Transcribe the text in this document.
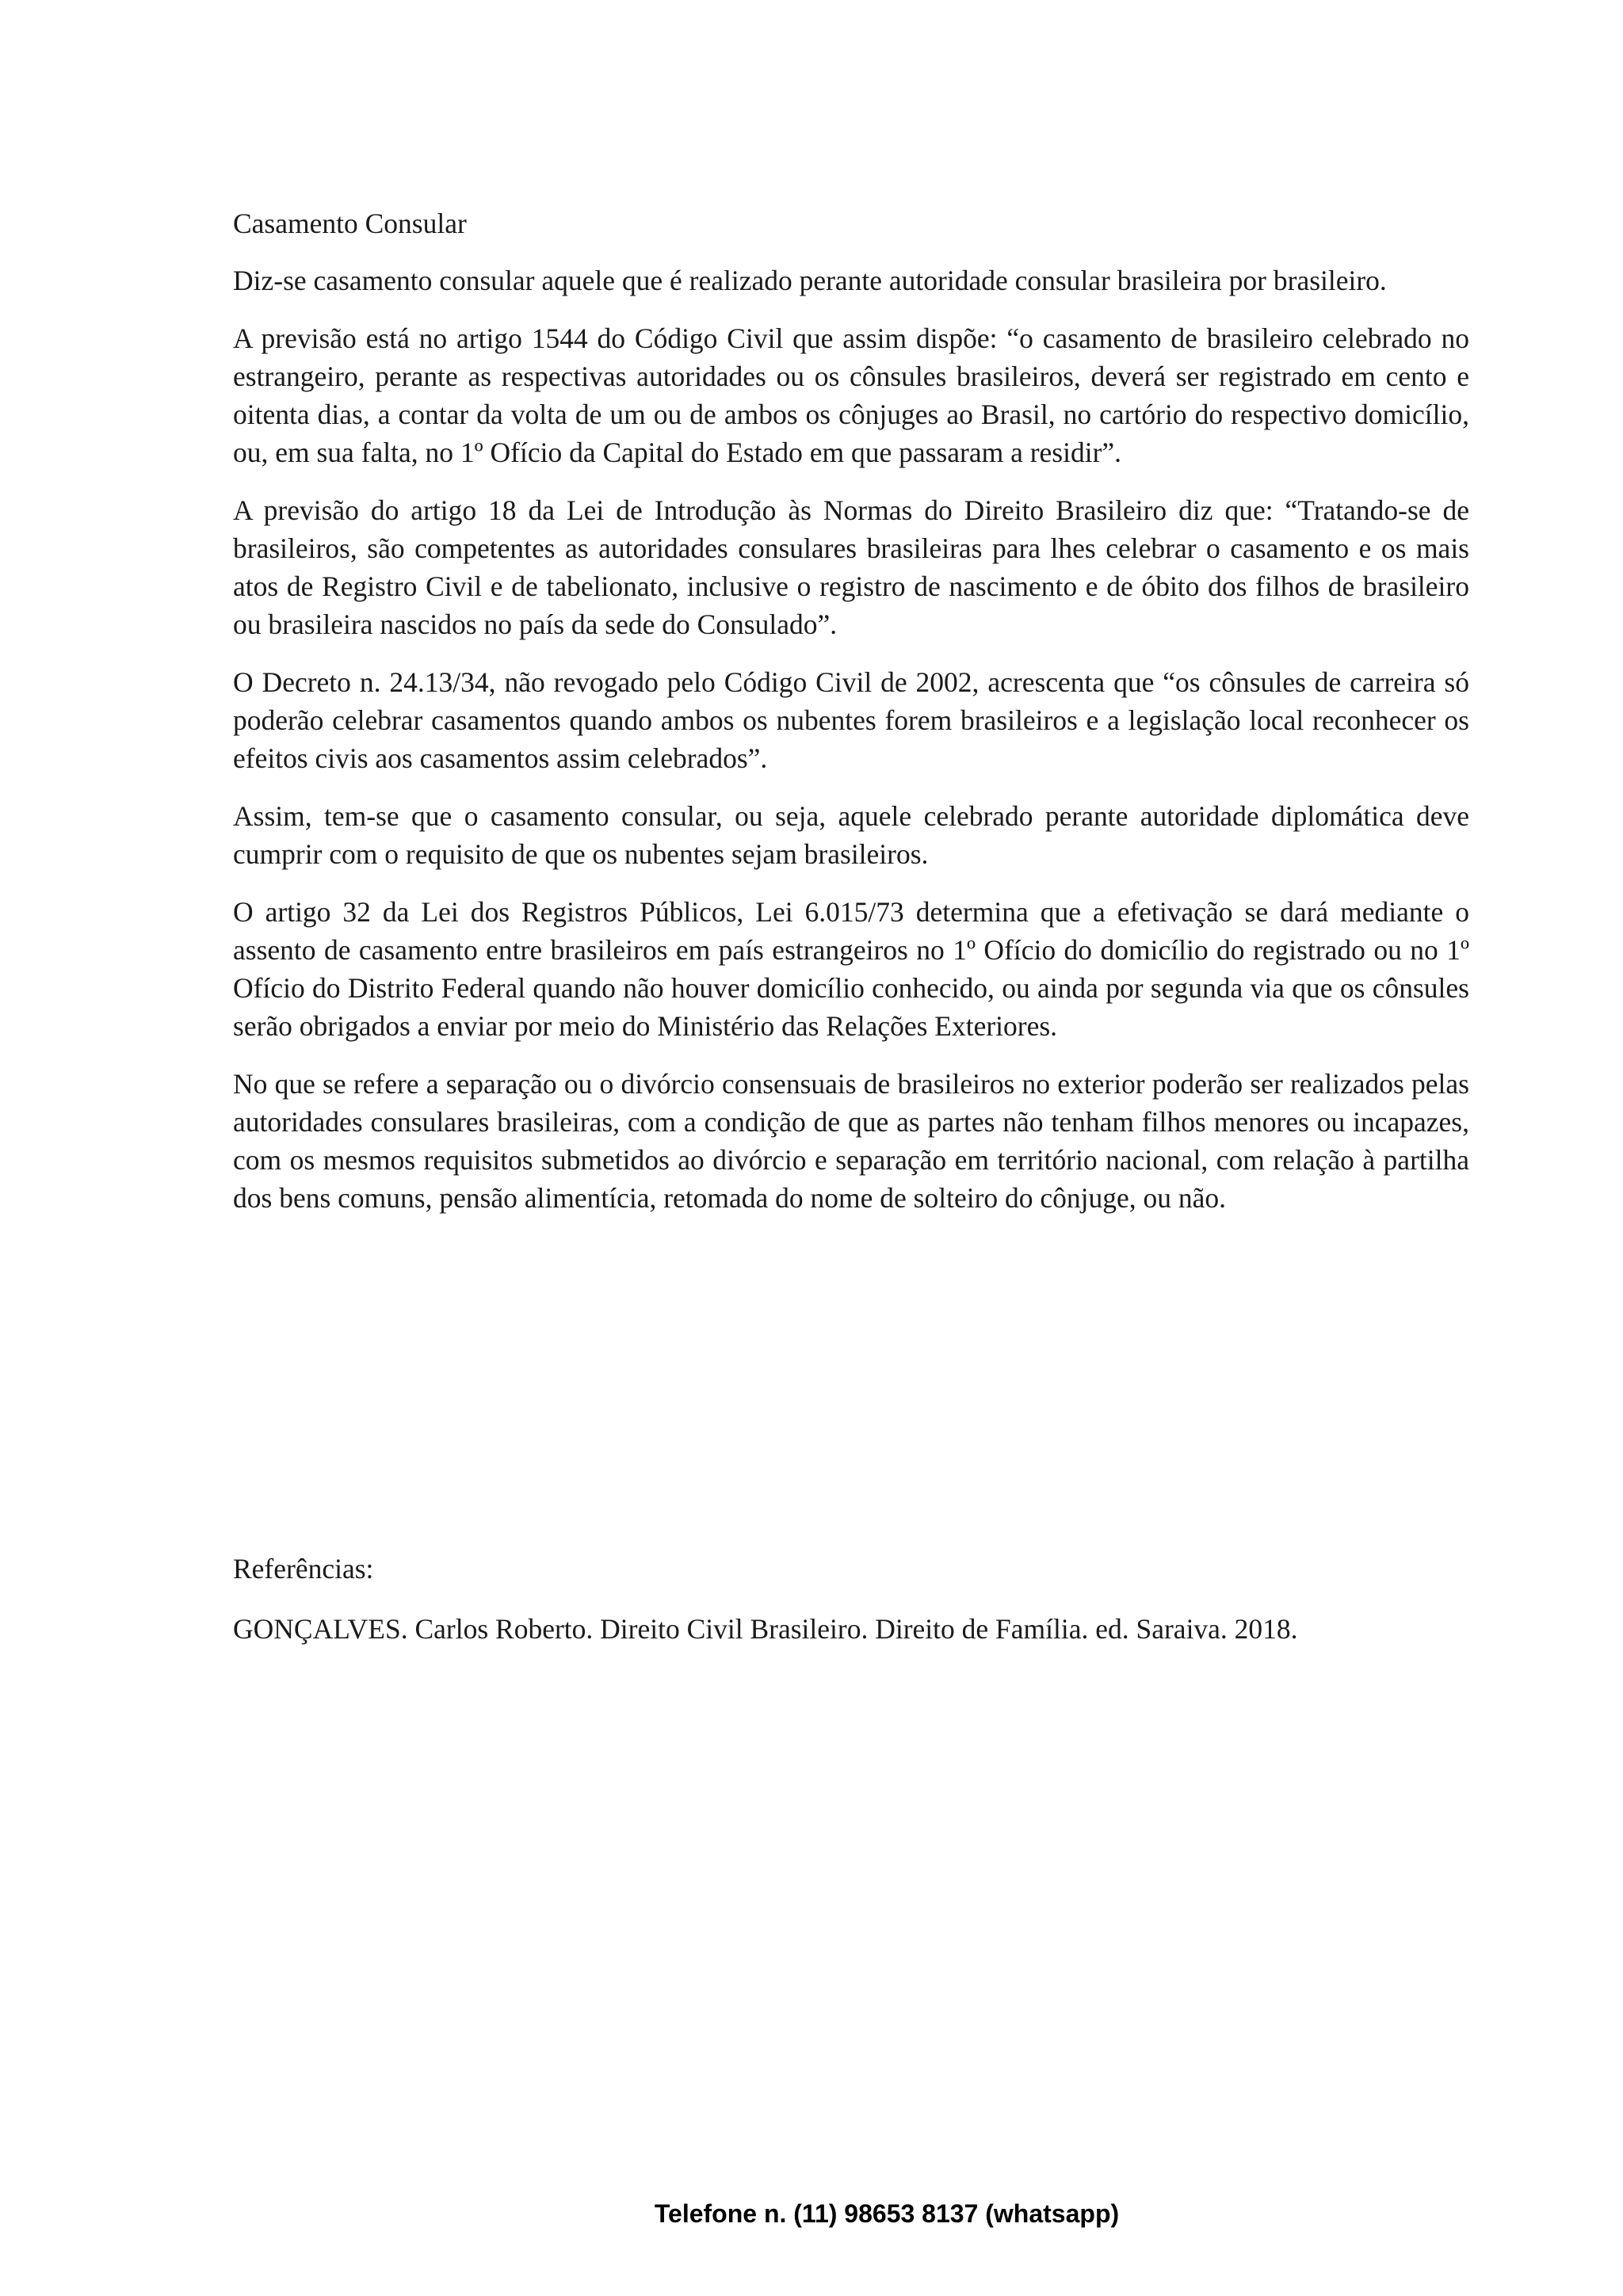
Casamento Consular

Diz-se casamento consular aquele que é realizado perante autoridade consular brasileira por brasileiro.

A previsão está no artigo 1544 do Código Civil que assim dispõe: “o casamento de brasileiro celebrado no estrangeiro, perante as respectivas autoridades ou os cônsules brasileiros, deverá ser registrado em cento e oitenta dias, a contar da volta de um ou de ambos os cônjuges ao Brasil, no cartório do respectivo domicílio, ou, em sua falta, no 1º Ofício da Capital do Estado em que passaram a residir”.

A previsão do artigo 18 da Lei de Introdução às Normas do Direito Brasileiro diz que: “Tratando-se de brasileiros, são competentes as autoridades consulares brasileiras para lhes celebrar o casamento e os mais atos de Registro Civil e de tabelionato, inclusive o registro de nascimento e de óbito dos filhos de brasileiro ou brasileira nascidos no país da sede do Consulado”.

O Decreto n. 24.13/34, não revogado pelo Código Civil de 2002, acrescenta que “os cônsules de carreira só poderão celebrar casamentos quando ambos os nubentes forem brasileiros e a legislação local reconhecer os efeitos civis aos casamentos assim celebrados”.

Assim, tem-se que o casamento consular, ou seja, aquele celebrado perante autoridade diplomática deve cumprir com o requisito de que os nubentes sejam brasileiros.

O artigo 32 da Lei dos Registros Públicos, Lei 6.015/73 determina que a efetivação se dará mediante o assento de casamento entre brasileiros em país estrangeiros no 1º Ofício do domicílio do registrado ou no 1º Ofício do Distrito Federal quando não houver domicílio conhecido, ou ainda por segunda via que os cônsules serão obrigados a enviar por meio do Ministério das Relações Exteriores.

No que se refere a separação ou o divórcio consensuais de brasileiros no exterior poderão ser realizados pelas autoridades consulares brasileiras, com a condição de que as partes não tenham filhos menores ou incapazes, com os mesmos requisitos submetidos ao divórcio e separação em território nacional, com relação à partilha dos bens comuns, pensão alimentícia, retomada do nome de solteiro do cônjuge, ou não.

Referências:

GONÇALVES. Carlos Roberto. Direito Civil Brasileiro. Direito de Família. ed. Saraiva. 2018.

Telefone n. (11) 98653 8137 (whatsapp)
